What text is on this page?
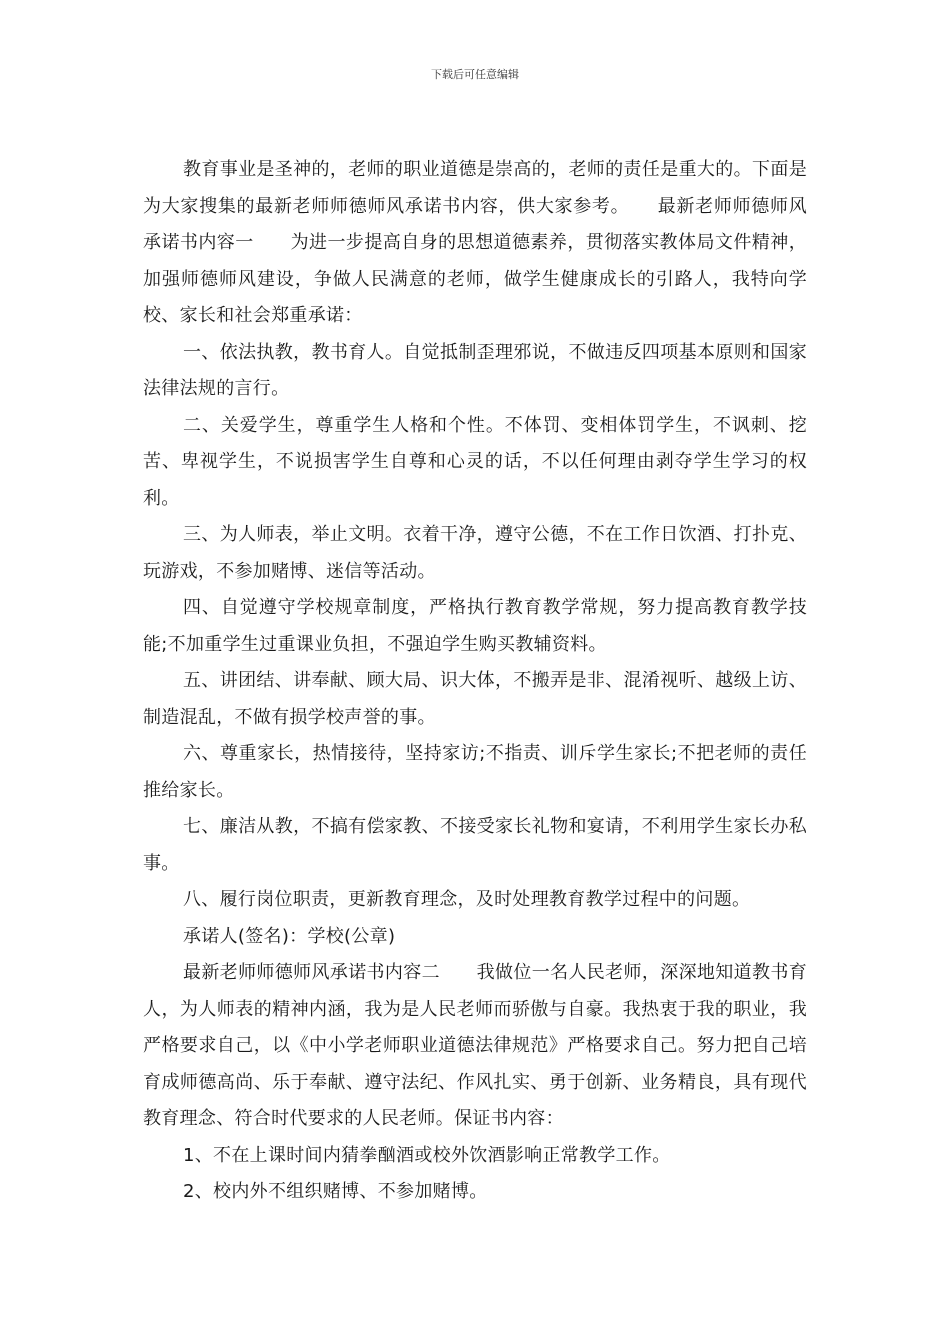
下载后可任意编辑

教育事业是圣神的，老师的职业道德是崇高的，老师的责任是重大的。下面是为大家搜集的最新老师师德师风承诺书内容，供大家参考。　　最新老师师德师风承诺书内容一　　为进一步提高自身的思想道德素养，贯彻落实教体局文件精神，加强师德师风建设，争做人民满意的老师，做学生健康成长的引路人，我特向学校、家长和社会郑重承诺：

一、依法执教，教书育人。自觉抵制歪理邪说，不做违反四项基本原则和国家法律法规的言行。

二、关爱学生，尊重学生人格和个性。不体罚、变相体罚学生，不讽刺、挖苦、卑视学生，不说损害学生自尊和心灵的话，不以任何理由剥夺学生学习的权利。

三、为人师表，举止文明。衣着干净，遵守公德，不在工作日饮酒、打扑克、玩游戏，不参加赌博、迷信等活动。

四、自觉遵守学校规章制度，严格执行教育教学常规，努力提高教育教学技能;不加重学生过重课业负担，不强迫学生购买教辅资料。

五、讲团结、讲奉献、顾大局、识大体，不搬弄是非、混淆视听、越级上访、制造混乱，不做有损学校声誉的事。

六、尊重家长，热情接待，坚持家访;不指责、训斥学生家长;不把老师的责任推给家长。

七、廉洁从教，不搞有偿家教、不接受家长礼物和宴请，不利用学生家长办私事。

八、履行岗位职责，更新教育理念，及时处理教育教学过程中的问题。

承诺人(签名)：学校(公章)

最新老师师德师风承诺书内容二　　我做位一名人民老师，深深地知道教书育人，为人师表的精神内涵，我为是人民老师而骄傲与自豪。我热衷于我的职业，我严格要求自己，以《中小学老师职业道德法律规范》严格要求自己。努力把自己培育成师德高尚、乐于奉献、遵守法纪、作风扎实、勇于创新、业务精良，具有现代教育理念、符合时代要求的人民老师。保证书内容：

1、不在上课时间内猜拳酗酒或校外饮酒影响正常教学工作。

2、校内外不组织赌博、不参加赌博。
